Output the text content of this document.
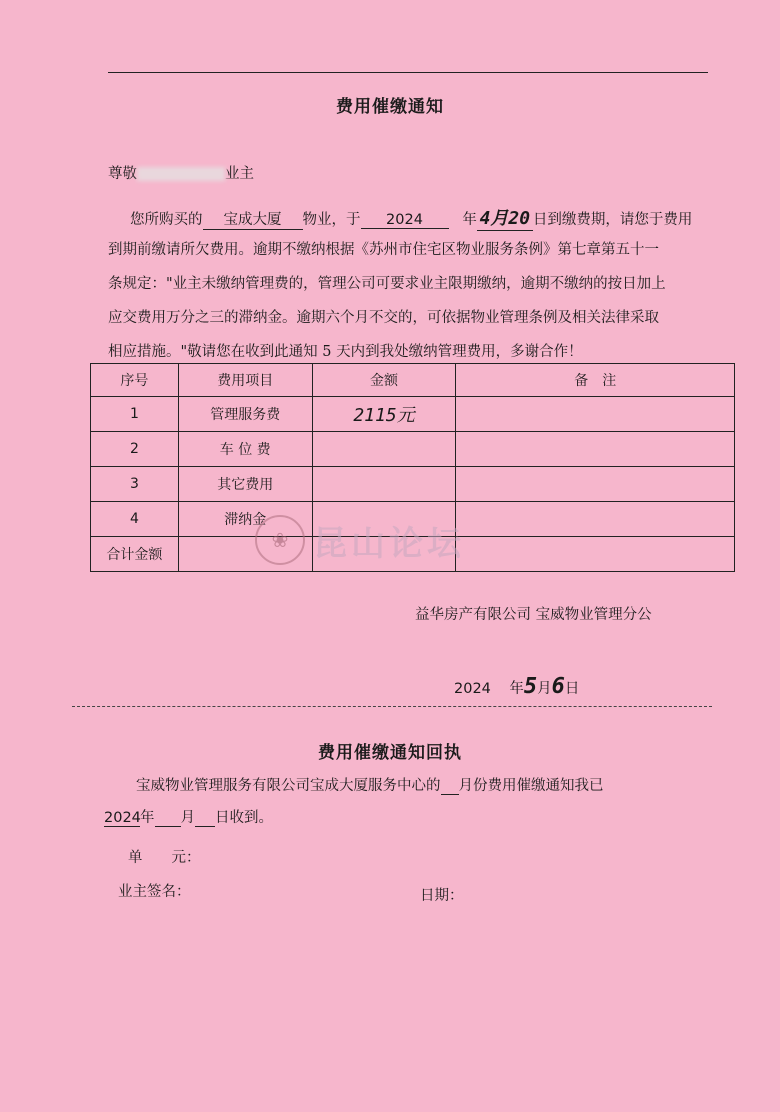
费用催缴通知
尊敬	业主
您所购买的 宝成大厦 物业，于 2024	年 4月20 日到缴费期，请您于费用
到期前缴请所欠费用。逾期不缴纳根据《苏州市住宅区物业服务条例》第七章第五十一
条规定："业主未缴纳管理费的，管理公司可要求业主限期缴纳，逾期不缴纳的按日加上
应交费用万分之三的滞纳金。逾期六个月不交的，可依据物业管理条例及相关法律采取
相应措施。"敬请您在收到此通知 5 天内到我处缴纳管理费用，多谢合作！
序号	费用项目	金额	备　注
1	管理服务费	2115元	
2	车 位 费		
3	其它费用		
4	滞纳金		
合计金额			
❀ 昆山论坛
益华房产有限公司 宝威物业管理分公
2024 年5月6日
费用催缴通知回执
宝威物业管理服务有限公司宝成大厦服务中心的 月份费用催缴通知我已
2024年 月 日收到。
单　　元：
业主签名：	日期：
